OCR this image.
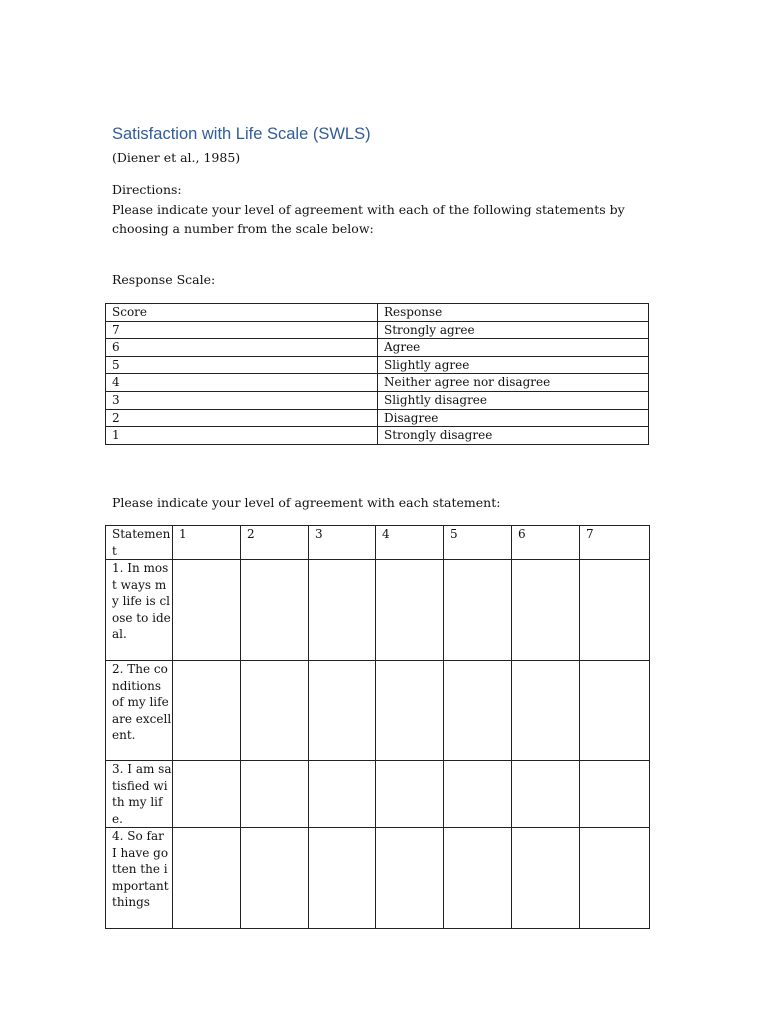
Satisfaction with Life Scale (SWLS)
(Diener et al., 1985)
Directions:
Please indicate your level of agreement with each of the following statements by choosing a number from the scale below:
Response Scale:
Score	Response
7	Strongly agree
6	Agree
5	Slightly agree
4	Neither agree nor disagree
3	Slightly disagree
2	Disagree
1	Strongly disagree
Please indicate your level of agreement with each statement:
Statement	1	2	3	4	5	6	7
1. In most ways my life is close to ideal.							
2. The conditions of my life are excellent.							
3. I am satisfied with my life.							
4. So far I have gotten the important things							
